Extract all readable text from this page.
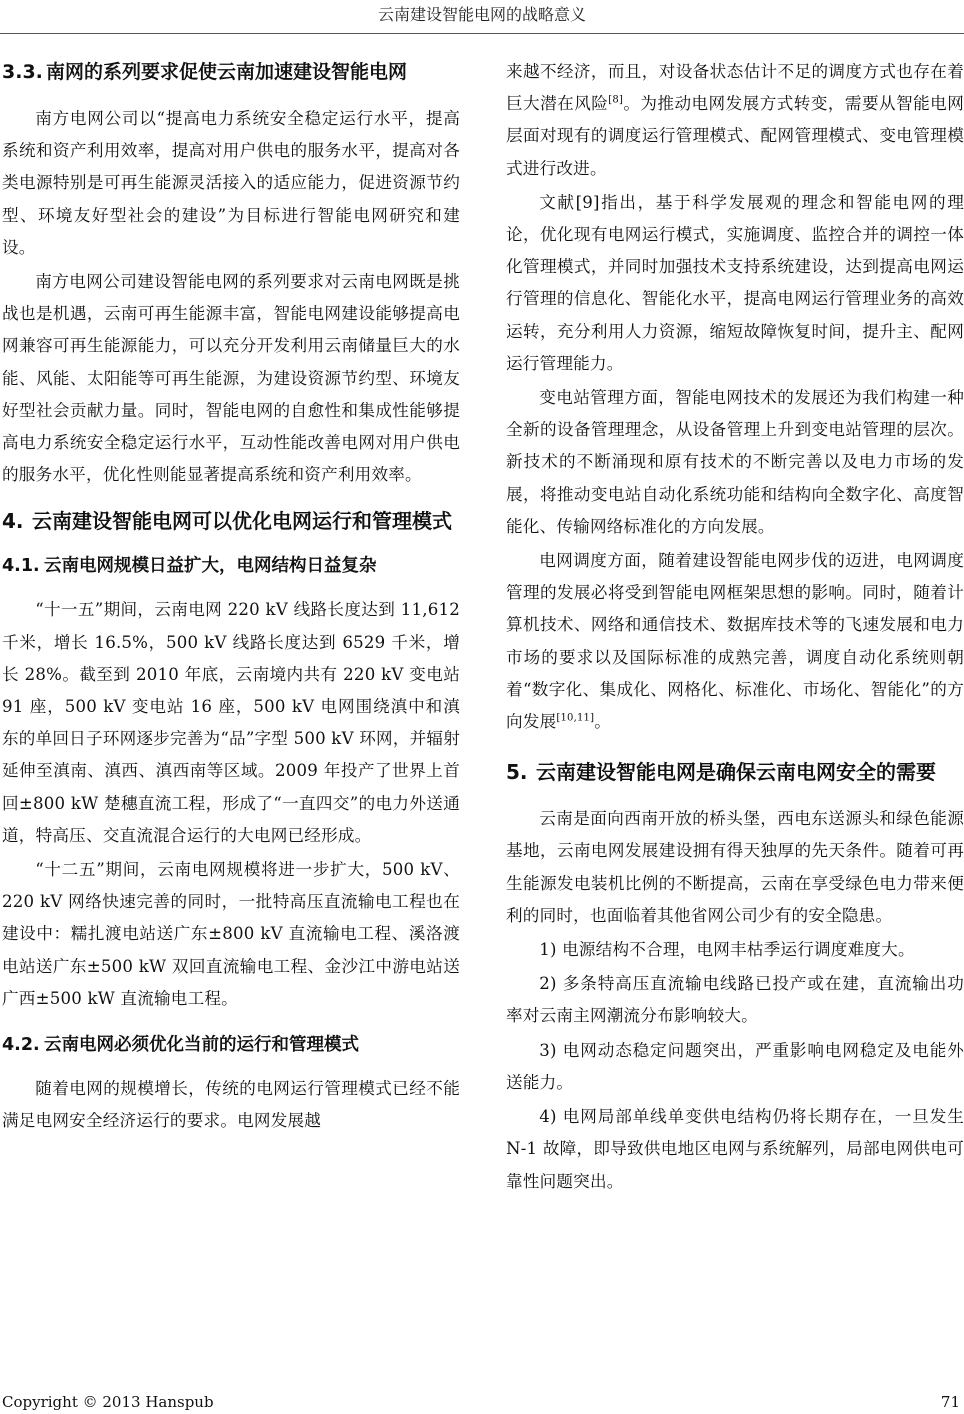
云南建设智能电网的战略意义
3.3. 南网的系列要求促使云南加速建设智能电网

南方电网公司以“提高电力系统安全稳定运行水平，提高系统和资产利用效率，提高对用户供电的服务水平，提高对各类电源特别是可再生能源灵活接入的适应能力，促进资源节约型、环境友好型社会的建设”为目标进行智能电网研究和建设。

南方电网公司建设智能电网的系列要求对云南电网既是挑战也是机遇，云南可再生能源丰富，智能电网建设能够提高电网兼容可再生能源能力，可以充分开发利用云南储量巨大的水能、风能、太阳能等可再生能源，为建设资源节约型、环境友好型社会贡献力量。同时，智能电网的自愈性和集成性能够提高电力系统安全稳定运行水平，互动性能改善电网对用户供电的服务水平，优化性则能显著提高系统和资产利用效率。

4. 云南建设智能电网可以优化电网运行和管理模式
4.1. 云南电网规模日益扩大，电网结构日益复杂

“十一五”期间，云南电网 220 kV 线路长度达到 11,612 千米，增长 16.5%，500 kV 线路长度达到 6529 千米，增长 28%。截至到 2010 年底，云南境内共有 220 kV 变电站 91 座，500 kV 变电站 16 座，500 kV 电网围绕滇中和滇东的单回日子环网逐步完善为“品”字型 500 kV 环网，并辐射延伸至滇南、滇西、滇西南等区域。2009 年投产了世界上首回±800 kW 楚穗直流工程，形成了“一直四交”的电力外送通道，特高压、交直流混合运行的大电网已经形成。

“十二五”期间，云南电网规模将进一步扩大，500 kV、220 kV 网络快速完善的同时，一批特高压直流输电工程也在建设中：糯扎渡电站送广东±800 kV 直流输电工程、溪洛渡电站送广东±500 kW 双回直流输电工程、金沙江中游电站送广西±500 kW 直流输电工程。

4.2. 云南电网必须优化当前的运行和管理模式

随着电网的规模增长，传统的电网运行管理模式已经不能满足电网安全经济运行的要求。电网发展越

来越不经济，而且，对设备状态估计不足的调度方式也存在着巨大潜在风险[8]。为推动电网发展方式转变，需要从智能电网层面对现有的调度运行管理模式、配网管理模式、变电管理模式进行改进。

文献[9]指出，基于科学发展观的理念和智能电网的理论，优化现有电网运行模式，实施调度、监控合并的调控一体化管理模式，并同时加强技术支持系统建设，达到提高电网运行管理的信息化、智能化水平，提高电网运行管理业务的高效运转，充分利用人力资源，缩短故障恢复时间，提升主、配网运行管理能力。

变电站管理方面，智能电网技术的发展还为我们构建一种全新的设备管理理念，从设备管理上升到变电站管理的层次。新技术的不断涌现和原有技术的不断完善以及电力市场的发展，将推动变电站自动化系统功能和结构向全数字化、高度智能化、传输网络标准化的方向发展。

电网调度方面，随着建设智能电网步伐的迈进，电网调度管理的发展必将受到智能电网框架思想的影响。同时，随着计算机技术、网络和通信技术、数据库技术等的飞速发展和电力市场的要求以及国际标准的成熟完善，调度自动化系统则朝着“数字化、集成化、网格化、标准化、市场化、智能化”的方向发展[10,11]。

5. 云南建设智能电网是确保云南电网安全的需要

云南是面向西南开放的桥头堡，西电东送源头和绿色能源基地，云南电网发展建设拥有得天独厚的先天条件。随着可再生能源发电装机比例的不断提高，云南在享受绿色电力带来便利的同时，也面临着其他省网公司少有的安全隐患。

1) 电源结构不合理，电网丰枯季运行调度难度大。

2) 多条特高压直流输电线路已投产或在建，直流输出功率对云南主网潮流分布影响较大。

3) 电网动态稳定问题突出，严重影响电网稳定及电能外送能力。

4) 电网局部单线单变供电结构仍将长期存在，一旦发生 N-1 故障，即导致供电地区电网与系统解列，局部电网供电可靠性问题突出。

Copyright © 2013 Hanspub	71
